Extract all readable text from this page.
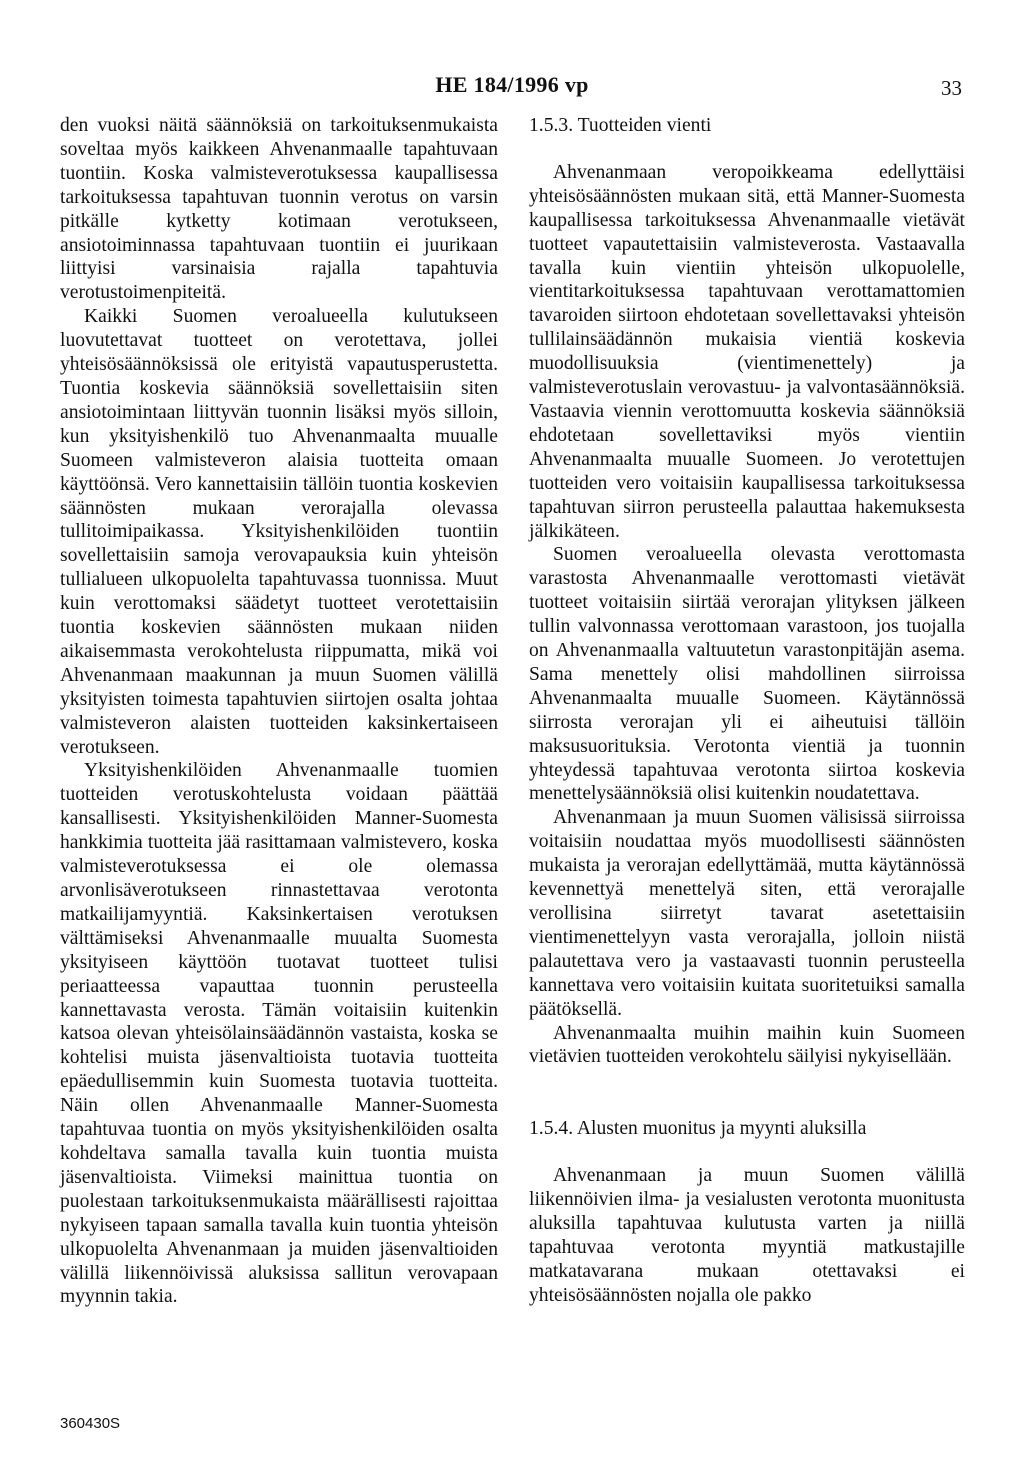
HE 184/1996 vp	33

den vuoksi näitä säännöksiä on tarkoituksenmukaista soveltaa myös kaikkeen Ahvenanmaalle tapahtuvaan tuontiin. Koska valmisteverotuksessa kaupallisessa tarkoituksessa tapahtuvan tuonnin verotus on varsin pitkälle kytketty kotimaan verotukseen, ansiotoiminnassa tapahtuvaan tuontiin ei juurikaan liittyisi varsinaisia rajalla tapahtuvia verotustoimenpiteitä.

Kaikki Suomen veroalueella kulutukseen luovutettavat tuotteet on verotettava, jollei yhteisösäännöksissä ole erityistä vapautusperustetta. Tuontia koskevia säännöksiä sovellettaisiin siten ansiotoimintaan liittyvän tuonnin lisäksi myös silloin, kun yksityishenkilö tuo Ahvenanmaalta muualle Suomeen valmisteveron alaisia tuotteita omaan käyttöönsä. Vero kannettaisiin tällöin tuontia koskevien säännösten mukaan verorajalla olevassa tullitoimipaikassa. Yksityishenkilöiden tuontiin sovellettaisiin samoja verovapauksia kuin yhteisön tullialueen ulkopuolelta tapahtuvassa tuonnissa. Muut kuin verottomaksi säädetyt tuotteet verotettaisiin tuontia koskevien säännösten mukaan niiden aikaisemmasta verokohtelusta riippumatta, mikä voi Ahvenanmaan maakunnan ja muun Suomen välillä yksityisten toimesta tapahtuvien siirtojen osalta johtaa valmisteveron alaisten tuotteiden kaksinkertaiseen verotukseen.

Yksityishenkilöiden Ahvenanmaalle tuomien tuotteiden verotuskohtelusta voidaan päättää kansallisesti. Yksityishenkilöiden Manner-Suomesta hankkimia tuotteita jää rasittamaan valmistevero, koska valmisteverotuksessa ei ole olemassa arvonlisäverotukseen rinnastettavaa verotonta matkailijamyyntiä. Kaksinkertaisen verotuksen välttämiseksi Ahvenanmaalle muualta Suomesta yksityiseen käyttöön tuotavat tuotteet tulisi periaatteessa vapauttaa tuonnin perusteella kannettavasta verosta. Tämän voitaisiin kuitenkin katsoa olevan yhteisölainsäädännön vastaista, koska se kohtelisi muista jäsenvaltioista tuotavia tuotteita epäedullisemmin kuin Suomesta tuotavia tuotteita. Näin ollen Ahvenanmaalle Manner-Suomesta tapahtuvaa tuontia on myös yksityishenkilöiden osalta kohdeltava samalla tavalla kuin tuontia muista jäsenvaltioista. Viimeksi mainittua tuontia on puolestaan tarkoituksenmukaista määrällisesti rajoittaa nykyiseen tapaan samalla tavalla kuin tuontia yhteisön ulkopuolelta Ahvenanmaan ja muiden jäsenvaltioiden välillä liikennöivissä aluksissa sallitun verovapaan myynnin takia.

1.5.3. Tuotteiden vienti

Ahvenanmaan veropoikkeama edellyttäisi yhteisösäännösten mukaan sitä, että Manner-Suomesta kaupallisessa tarkoituksessa Ahvenanmaalle vietävät tuotteet vapautettaisiin valmisteverosta. Vastaavalla tavalla kuin vientiin yhteisön ulkopuolelle, vientitarkoituksessa tapahtuvaan verottamattomien tavaroiden siirtoon ehdotetaan sovellettavaksi yhteisön tullilainsäädännön mukaisia vientiä koskevia muodollisuuksia (vientimenettely) ja valmisteverotuslain verovastuu- ja valvontasäännöksiä. Vastaavia viennin verottomuutta koskevia säännöksiä ehdotetaan sovellettaviksi myös vientiin Ahvenanmaalta muualle Suomeen. Jo verotettujen tuotteiden vero voitaisiin kaupallisessa tarkoituksessa tapahtuvan siirron perusteella palauttaa hakemuksesta jälkikäteen.

Suomen veroalueella olevasta verottomasta varastosta Ahvenanmaalle verottomasti vietävät tuotteet voitaisiin siirtää verorajan ylityksen jälkeen tullin valvonnassa verottomaan varastoon, jos tuojalla on Ahvenanmaalla valtuutetun varastonpitäjän asema. Sama menettely olisi mahdollinen siirroissa Ahvenanmaalta muualle Suomeen. Käytännössä siirrosta verorajan yli ei aiheutuisi tällöin maksusuorituksia. Verotonta vientiä ja tuonnin yhteydessä tapahtuvaa verotonta siirtoa koskevia menettelysäännöksiä olisi kuitenkin noudatettava.

Ahvenanmaan ja muun Suomen välisissä siirroissa voitaisiin noudattaa myös muodollisesti säännösten mukaista ja verorajan edellyttämää, mutta käytännössä kevennettyä menettelyä siten, että verorajalle verollisina siirretyt tavarat asetettaisiin vientimenettelyyn vasta verorajalla, jolloin niistä palautettava vero ja vastaavasti tuonnin perusteella kannettava vero voitaisiin kuitata suoritetuiksi samalla päätöksellä.

Ahvenanmaalta muihin maihin kuin Suomeen vietävien tuotteiden verokohtelu säilyisi nykyisellään.

1.5.4. Alusten muonitus ja myynti aluksilla

Ahvenanmaan ja muun Suomen välillä liikennöivien ilma- ja vesialusten verotonta muonitusta aluksilla tapahtuvaa kulutusta varten ja niillä tapahtuvaa verotonta myyntiä matkustajille matkatavarana mukaan otettavaksi ei yhteisösäännösten nojalla ole pakko

360430S
